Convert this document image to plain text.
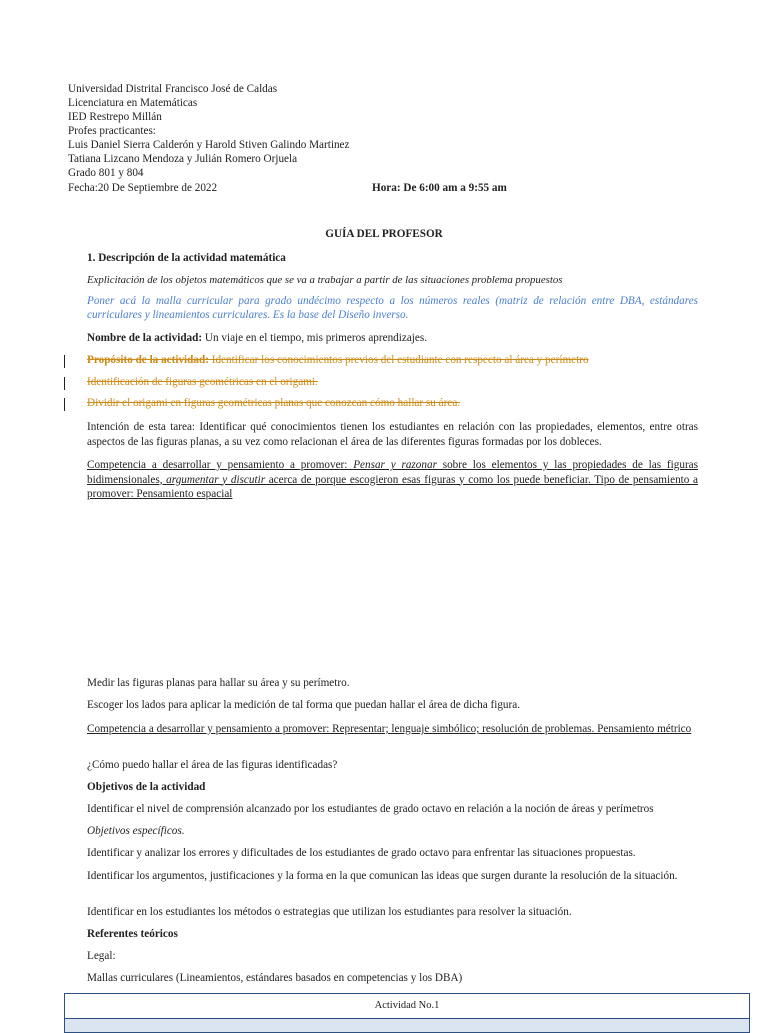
Universidad Distrital Francisco José de Caldas
Licenciatura en Matemáticas
IED Restrepo Millán
Profes practicantes:
Luis Daniel Sierra Calderón y Harold Stiven Galindo Martinez
Tatiana Lizcano Mendoza y Julián Romero Orjuela
Grado 801 y 804
Fecha:20 De Septiembre de 2022	Hora: De 6:00 am a 9:55 am
GUÍA DEL PROFESOR
1. Descripción de la actividad matemática
Explicitación de los objetos matemáticos que se va a trabajar a partir de las situaciones problema propuestos
Poner acá la malla curricular para grado undécimo respecto a los números reales (matriz de relación entre DBA, estándares curriculares y lineamientos curriculares. Es la base del Diseño inverso.
Nombre de la actividad: Un viaje en el tiempo, mis primeros aprendizajes.
Propósito de la actividad: Identificar los conocimientos previos del estudiante con respecto al área y perímetro
Identificación de figuras geométricas en el origami.
Dividir el origami en figuras geométricas planas que conozcan cómo hallar su área.
Intención de esta tarea: Identificar qué conocimientos tienen los estudiantes en relación con las propiedades, elementos, entre otras aspectos de las figuras planas, a su vez como relacionan el área de las diferentes figuras formadas por los dobleces.
Competencia a desarrollar y pensamiento a promover: Pensar y razonar sobre los elementos y las propiedades de las figuras bidimensionales, argumentar y discutir acerca de porque escogieron esas figuras y como los puede beneficiar. Tipo de pensamiento a promover: Pensamiento espacial
Medir las figuras planas para hallar su área y su perímetro.
Escoger los lados para aplicar la medición de tal forma que puedan hallar el área de dicha figura.
Competencia a desarrollar y pensamiento a promover: Representar; lenguaje simbólico; resolución de problemas. Pensamiento métrico
¿Cómo puedo hallar el área de las figuras identificadas?
Objetivos de la actividad
Identificar el nivel de comprensión alcanzado por los estudiantes de grado octavo en relación a la noción de áreas y perímetros
Objetivos específicos.
Identificar y analizar los errores y dificultades de los estudiantes de grado octavo para enfrentar las situaciones propuestas.
Identificar los argumentos, justificaciones y la forma en la que comunican las ideas que surgen durante la resolución de la situación.
Identificar en los estudiantes los métodos o estrategias que utilizan los estudiantes para resolver la situación.
Referentes teóricos
Legal:
Mallas curriculares (Lineamientos, estándares basados en competencias y los DBA)
Actividad No.1
